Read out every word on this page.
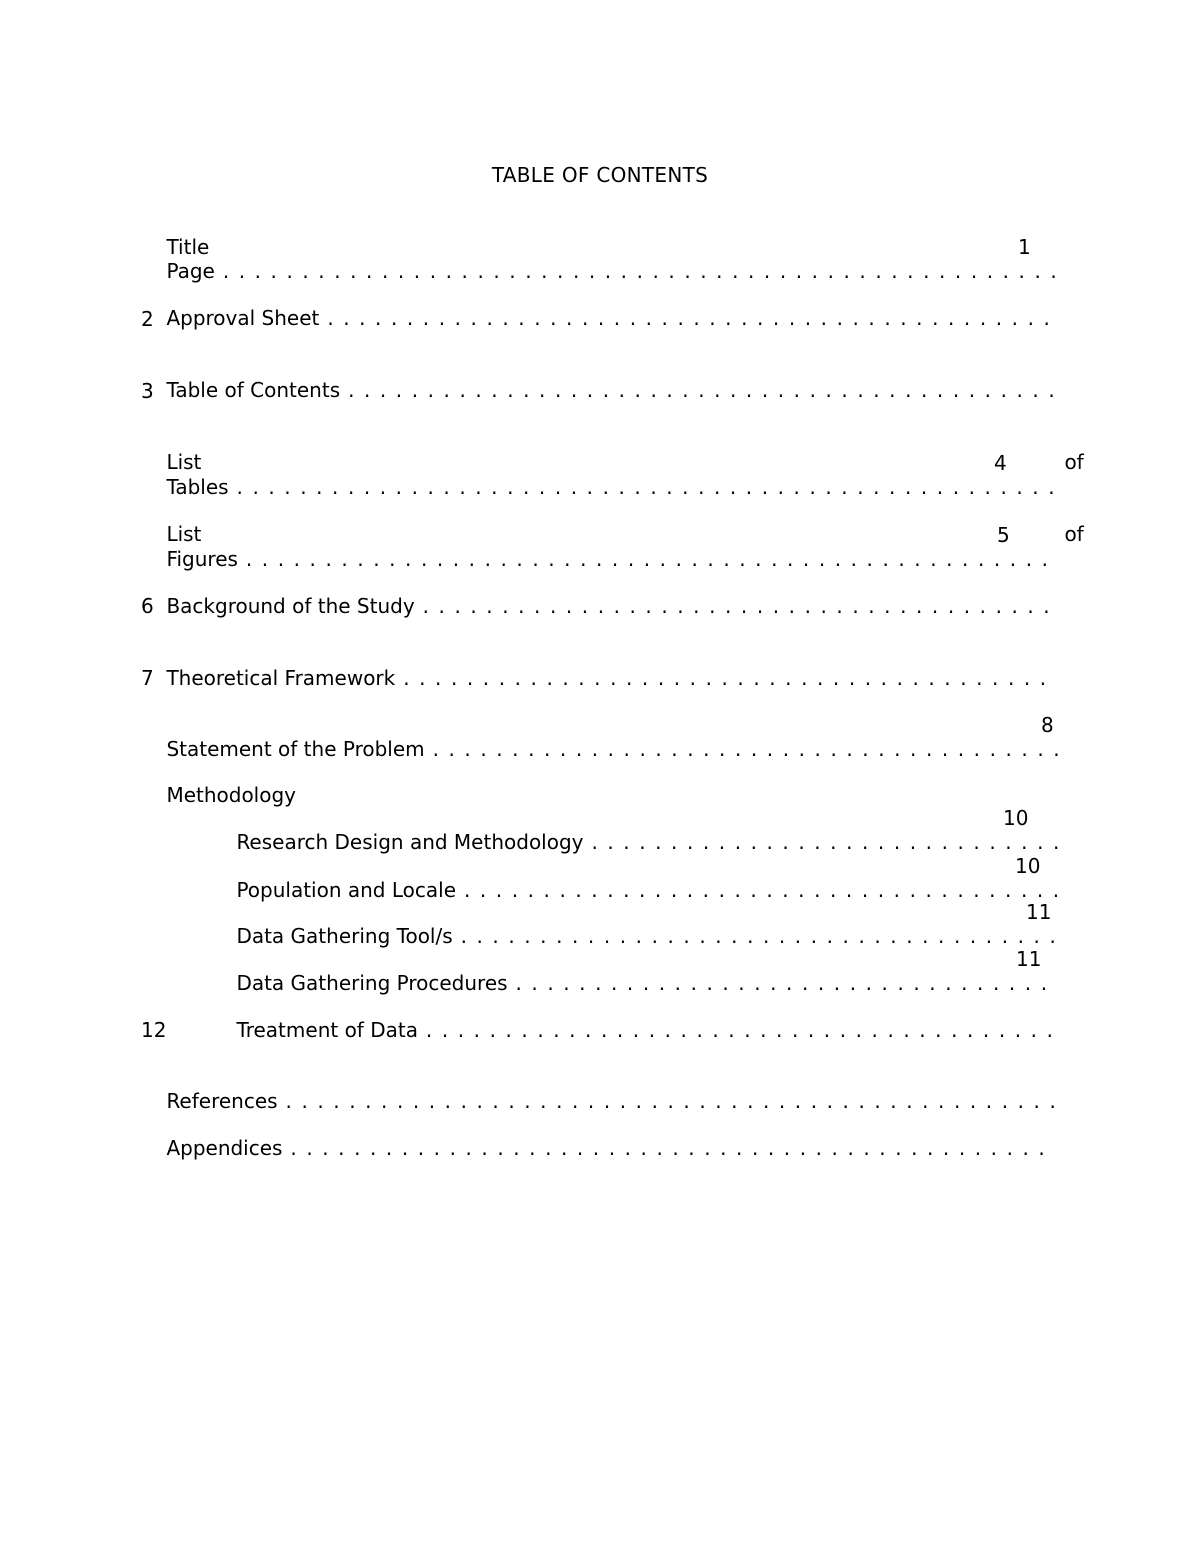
TABLE OF CONTENTS

Title

Page . . . . . . . . . . . . . . . . . . . . . . . . . . . . . . . . . . . . . . . . . . . . . . . . . . . . .

1

Approval Sheet . . . . . . . . . . . . . . . . . . . . . . . . . . . . . . . . . . . . . . . . . . . . . .

2

Table of Contents . . . . . . . . . . . . . . . . . . . . . . . . . . . . . . . . . . . . . . . . . . . . .

3

List
	of

Tables . . . . . . . . . . . . . . . . . . . . . . . . . . . . . . . . . . . . . . . . . . . . . . . . . . . .

4

List
	of

Figures . . . . . . . . . . . . . . . . . . . . . . . . . . . . . . . . . . . . . . . . . . . . . . . . . . .

5

Background of the Study . . . . . . . . . . . . . . . . . . . . . . . . . . . . . . . . . . . . . . . .

6

Theoretical Framework . . . . . . . . . . . . . . . . . . . . . . . . . . . . . . . . . . . . . . . . .

7

Statement of the Problem . . . . . . . . . . . . . . . . . . . . . . . . . . . . . . . . . . . . . . . .

8

Methodology

Research Design and Methodology . . . . . . . . . . . . . . . . . . . . . . . . . . . . . .

10

Population and Locale . . . . . . . . . . . . . . . . . . . . . . . . . . . . . . . . . . . . . .

10

Data Gathering Tool/s . . . . . . . . . . . . . . . . . . . . . . . . . . . . . . . . . . . . . .

11

Data Gathering Procedures . . . . . . . . . . . . . . . . . . . . . . . . . . . . . . . . . .

11

Treatment of Data . . . . . . . . . . . . . . . . . . . . . . . . . . . . . . . . . . . . . . . .

12

References . . . . . . . . . . . . . . . . . . . . . . . . . . . . . . . . . . . . . . . . . . . . . . . . .

Appendices . . . . . . . . . . . . . . . . . . . . . . . . . . . . . . . . . . . . . . . . . . . . . . . .
